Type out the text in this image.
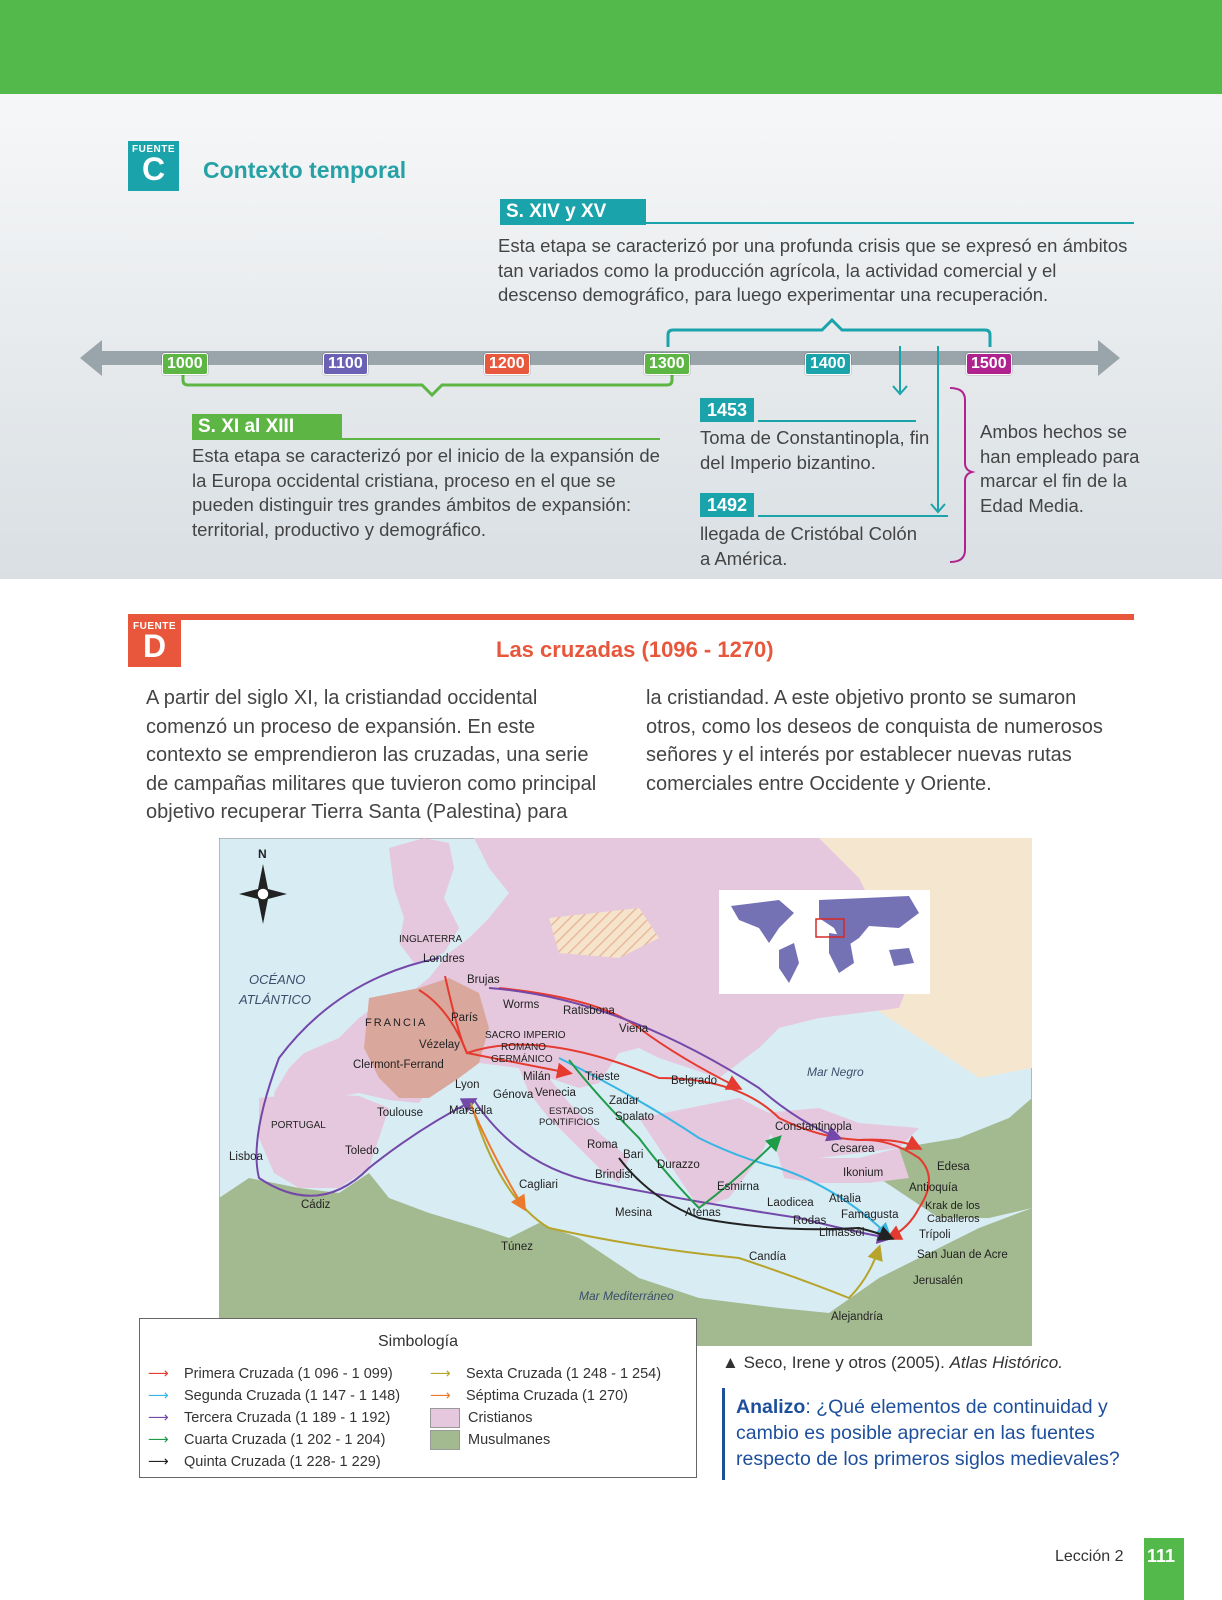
FUENTE
C	Contexto temporal
S. XIV y XV
Esta etapa se caracterizó por una profunda crisis que se expresó en ámbitos tan variados como la producción agrícola, la actividad comercial y el descenso demográfico, para luego experimentar una recuperación.
1000	1100	1200	1300	1400	1500
S. XI al XIII
Esta etapa se caracterizó por el inicio de la expansión de la Europa occidental cristiana, proceso en el que se pueden distinguir tres grandes ámbitos de expansión: territorial, productivo y demográfico.
1453
Toma de Constantinopla, fin del Imperio bizantino.
1492
llegada de Cristóbal Colón a América.
Ambos hechos se han empleado para marcar el fin de la Edad Media.
FUENTE
D	Las cruzadas (1096 - 1270)
A partir del siglo XI, la cristiandad occidental comenzó un proceso de expansión. En este contexto se emprendieron las cruzadas, una serie de campañas militares que tuvieron como principal objetivo recuperar Tierra Santa (Palestina) para
la cristiandad. A este objetivo pronto se sumaron otros, como los deseos de conquista de numerosos señores y el interés por establecer nuevas rutas comerciales entre Occidente y Oriente.
N
OCÉANO
ATLÁNTICO
Mar Negro
Mar Mediterráneo
INGLATERRA
FRANCIA
SACRO IMPERIO
ROMANO
GERMÁNICO
PORTUGAL
ESTADOS
PONTIFICIOS
Londres
Brujas
París
Worms Ratisbona
Viena
Vézelay
Clermont-Ferrand
Lyon
Milán
Génova Venecia
Trieste	Belgrado
Zadar
Spalato
Marsella
Toulouse
Toledo
Lisboa
Cádiz
Roma
Bari
Brindisi
Durazzo
Constantinopla
Cesarea
Ikonium	Edesa
Antioquía
Krak de los
Caballeros
Trípoli
Esmirna
Laodicea Attalia
Atenas
Rodas Famagusta
Limassol
San Juan de Acre
Jerusalén
Cagliari
Mesina
Túnez
Candía
Alejandría
Simbología
⟶ Primera Cruzada (1 096 - 1 099)
⟶ Segunda Cruzada (1 147 - 1 148)
⟶ Tercera Cruzada (1 189 - 1 192)
⟶ Cuarta Cruzada (1 202 - 1 204)
⟶ Quinta Cruzada (1 228- 1 229)
⟶ Sexta Cruzada (1 248 - 1 254)
⟶ Séptima Cruzada (1 270)
Cristianos
Musulmanes
▲ Seco, Irene y otros (2005). Atlas Histórico.
Analizo: ¿Qué elementos de continuidad y cambio es posible apreciar en las fuentes respecto de los primeros siglos medievales?
Lección 2 111
